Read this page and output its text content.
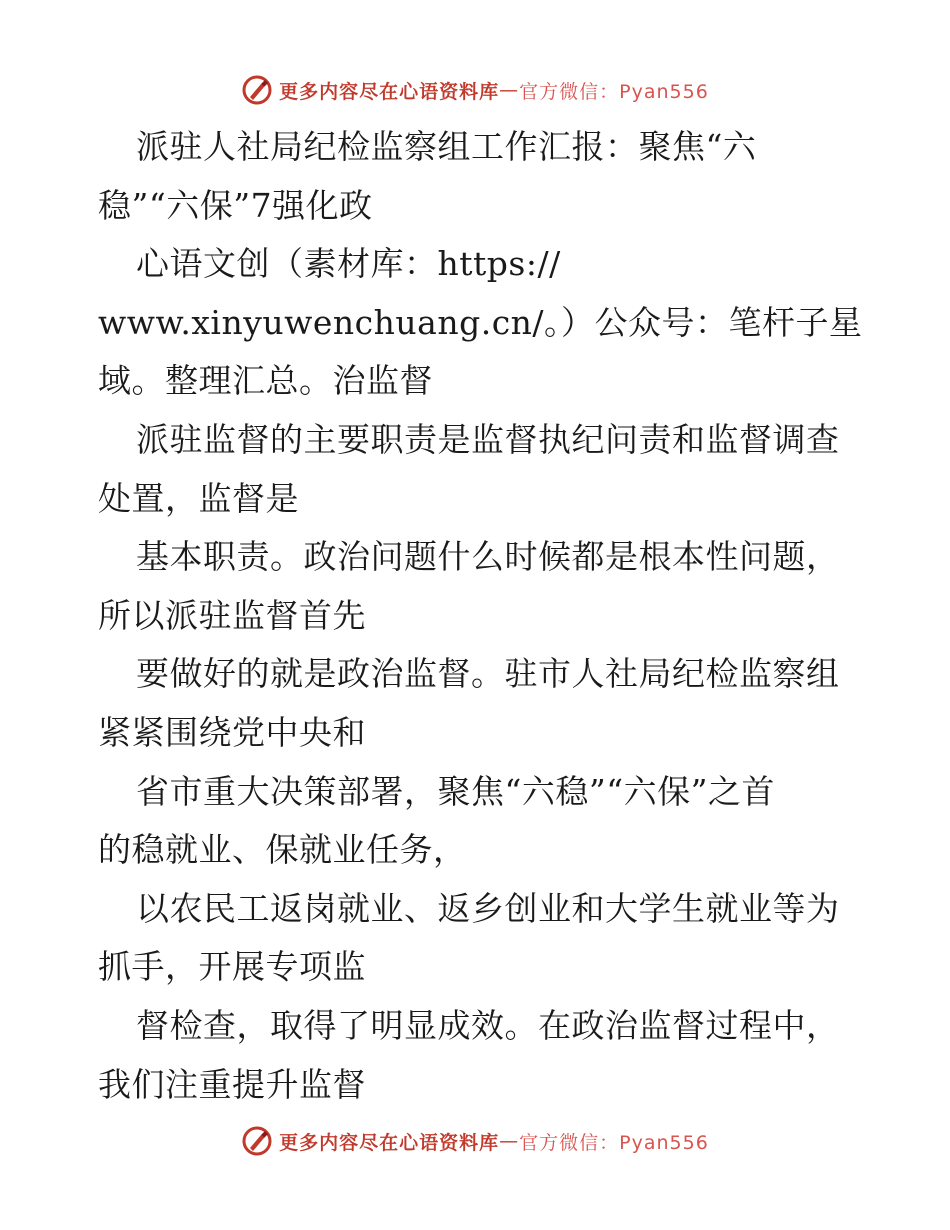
更多内容尽在心语资料库 — 官方微信：Pyan556
派驻人社局纪检监察组工作汇报：聚焦“六
稳”“六保”7强化政
心语文创（素材库：https://
www.xinyuwenchuang.cn/。）公众号：笔杆子星
域。整理汇总。治监督
派驻监督的主要职责是监督执纪问责和监督调查
处置，监督是
基本职责。政治问题什么时候都是根本性问题，
所以派驻监督首先
要做好的就是政治监督。驻市人社局纪检监察组
紧紧围绕党中央和
省市重大决策部署，聚焦“六稳”“六保”之首
的稳就业、保就业任务，
以农民工返岗就业、返乡创业和大学生就业等为
抓手，开展专项监
督检查，取得了明显成效。在政治监督过程中，
我们注重提升监督
更多内容尽在心语资料库 — 官方微信：Pyan556
